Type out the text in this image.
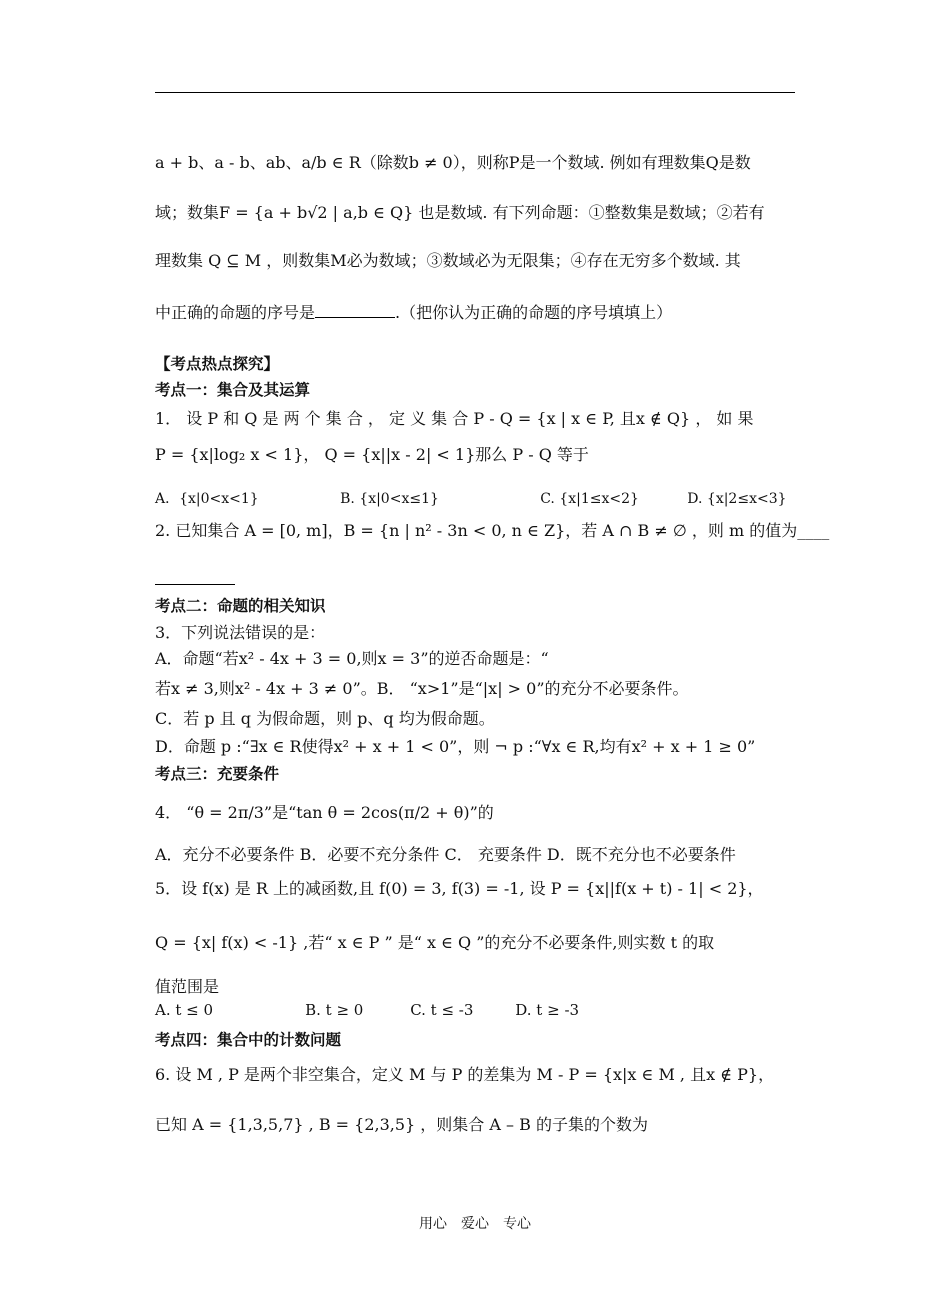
a + b、a - b、ab、a/b ∈ R（除数b ≠ 0），则称P是一个数域. 例如有理数集Q是数
域；数集F = {a + b√2 | a,b ∈ Q} 也是数域. 有下列命题：①整数集是数域；②若有
理数集 Q ⊆ M ，则数集M必为数域；③数域必为无限集；④存在无穷多个数域. 其
中正确的命题的序号是	.（把你认为正确的命题的序号填填上）
【考点热点探究】
考点一：集合及其运算
1． 设 P 和 Q 是 两 个 集 合 ， 定 义 集 合 P - Q = {x | x ∈ P, 且x ∉ Q} ， 如 果
P = {x|log₂ x < 1}， Q = {x||x - 2| < 1}那么 P - Q 等于
A．{x|0<x<1}	B. {x|0<x≤1}	C. {x|1≤x<2}	D. {x|2≤x<3}
2. 已知集合 A = [0, m]，B = {n | n² - 3n < 0, n ∈ Z}，若 A ∩ B ≠ ∅ ，则 m 的值为____
考点二：命题的相关知识
3．下列说法错误的是：
A．命题“若x² - 4x + 3 = 0,则x = 3”的逆否命题是：“
若x ≠ 3,则x² - 4x + 3 ≠ 0”。B． “x>1”是“|x| > 0”的充分不必要条件。
C．若 p 且 q 为假命题，则 p、q 均为假命题。
D．命题 p :“∃x ∈ R使得x² + x + 1 < 0”，则 ¬ p :“∀x ∈ R,均有x² + x + 1 ≥ 0”
考点三：充要条件
4． “θ = 2π/3”是“tan θ = 2cos(π/2 + θ)”的
A．充分不必要条件 B．必要不充分条件 C． 充要条件 D．既不充分也不必要条件
5．设 f(x) 是 R 上的减函数,且 f(0) = 3, f(3) = -1, 设 P = {x||f(x + t) - 1| < 2}，
Q = {x| f(x) < -1} ,若“ x ∈ P ” 是“ x ∈ Q ”的充分不必要条件,则实数 t 的取
值范围是
A. t ≤ 0	B. t ≥ 0	C. t ≤ -3	D. t ≥ -3
考点四：集合中的计数问题
6. 设 M , P 是两个非空集合，定义 M 与 P 的差集为 M - P = {x|x ∈ M , 且x ∉ P}，
已知 A = {1,3,5,7} , B = {2,3,5} ，则集合 A – B 的子集的个数为
用心　爱心　专心
